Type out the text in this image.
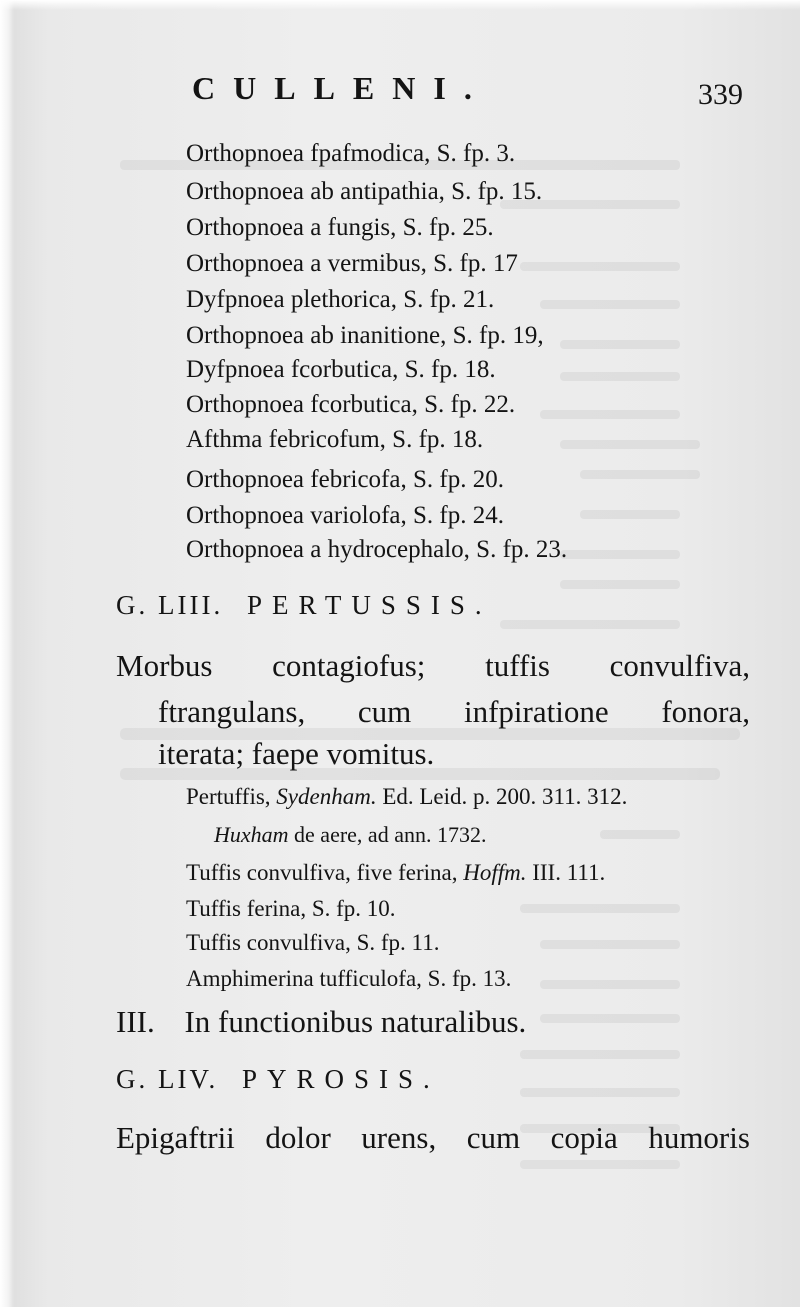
CULLENI.	339
Orthopnoea fpafmodica, S. fp. 3.
Orthopnoea ab antipathia, S. fp. 15.
Orthopnoea a fungis, S. fp. 25.
Orthopnoea a vermibus, S. fp. 17
Dyfpnoea plethorica, S. fp. 21.
Orthopnoea ab inanitione, S. fp. 19,
Dyfpnoea fcorbutica, S. fp. 18.
Orthopnoea fcorbutica, S. fp. 22.
Afthma febricofum, S. fp. 18.
Orthopnoea febricofa, S. fp. 20.
Orthopnoea variolofa, S. fp. 24.
Orthopnoea a hydrocephalo, S. fp. 23.
G. LIII. PERTUSSIS.
Morbus contagiofus; tuffis convulfiva,
ftrangulans, cum infpiratione fonora,
iterata; faepe vomitus.
Pertuffis, Sydenham. Ed. Leid. p. 200. 311. 312.
Huxham de aere, ad ann. 1732.
Tuffis convulfiva, five ferina, Hoffm. III. 111.
Tuffis ferina, S. fp. 10.
Tuffis convulfiva, S. fp. 11.
Amphimerina tufficulofa, S. fp. 13.
III. In functionibus naturalibus.
G. LIV. PYROSIS.
Epigaftrii dolor urens, cum copia humoris
